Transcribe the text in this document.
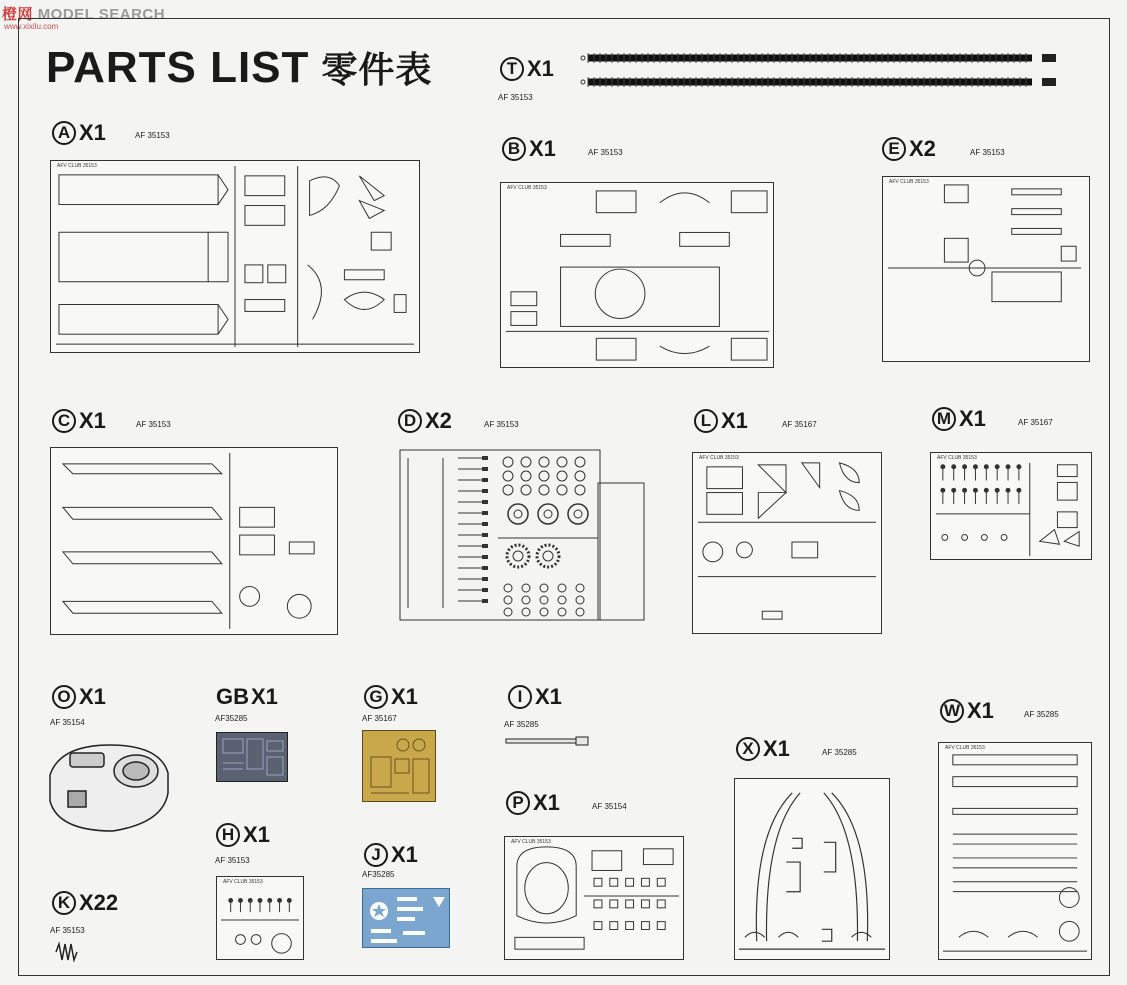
橙网 MODEL SEARCH
www.xixilu.com
PARTS LIST 零件表	T X1
AF 35153
A X1	AF 35153
AFV CLUB 35153
B X1	AF 35153
AFV CLUB 35153
E X2	AF 35153
AFV CLUB 35153
C X1	AF 35153	D X2	AF 35153	L X1	AF 35167
AFV CLUB 35153
M X1	AF 35167
AFV CLUB 35153
O X1
AF 35154
GB X1
AF35285
G X1
AF 35167
H X1
AF 35153
AFV CLUB 35153
J X1
AF35285
K X22
AF 35153
I X1
AF 35285
P X1	AF 35154
AFV CLUB 35153
X X1	AF 35285
W X1	AF 35285
AFV CLUB 35153
